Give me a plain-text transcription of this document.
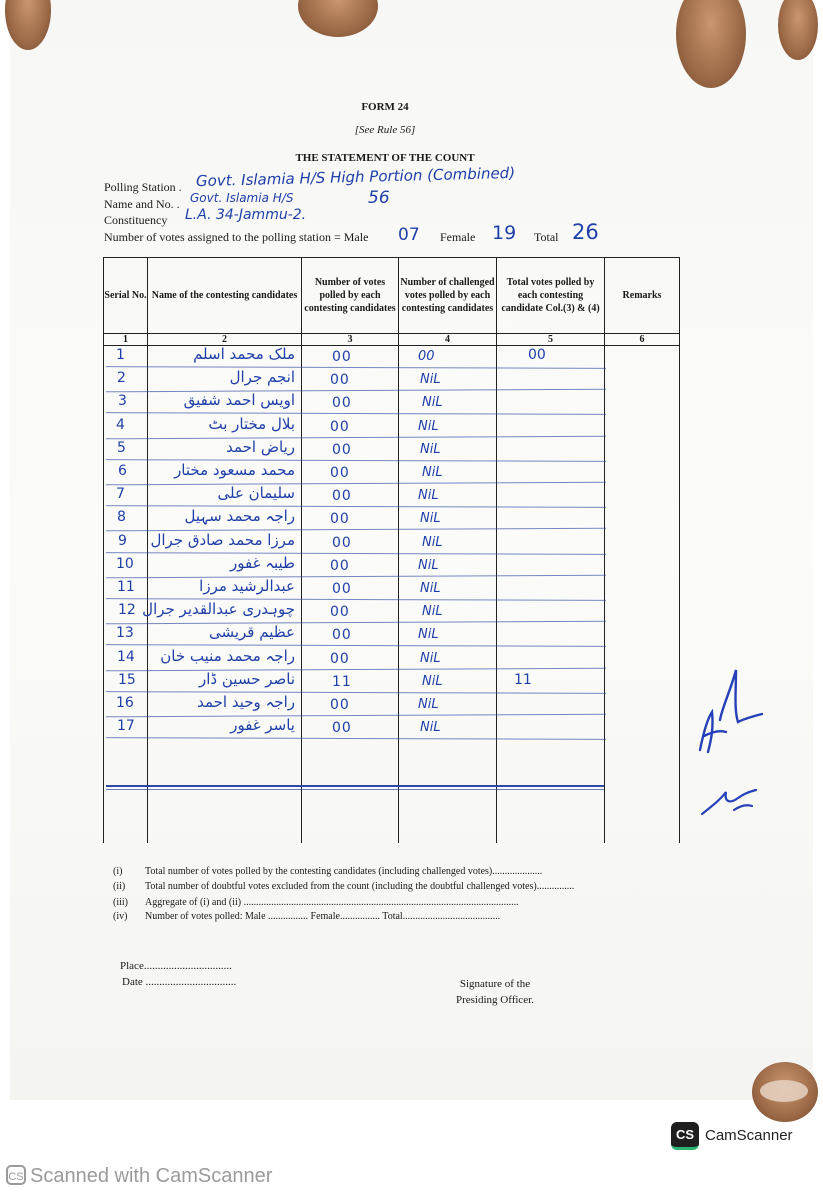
FORM 24
[See Rule 56]
THE STATEMENT OF THE COUNT
Polling Station . Govt. Islamia H/S High Portion (Combined)
Name and No. . Govt. Islamia H/S	56
Constituency L.A. 34-Jammu-2.
Number of votes assigned to the polling station = Male 07 Female 19 Total 26
Serial No.	Name of the contesting candidates	Number of votes polled by each contesting candidates	Number of challenged votes polled by each contesting candidates	Total votes polled by each contesting candidate Col.(3) & (4)	Remarks
1	2	3	4	5	6

1	ملک محمد اسلم	00	00	00
2	انجم جرال	00	NiL
3	اویس احمد شفیق	00	NiL
4	بلال مختار بٹ	00	NiL
5	ریاض احمد	00	NiL
6	محمد مسعود مختار	00	NiL
7	سلیمان علی	00	NiL
8	راجہ محمد سہیل	00	NiL
9 مرزا محمد صادق جرال	00	NiL
10	طیبہ غفور	00	NiL
11	عبدالرشید مرزا	00	NiL
12 چوہدری عبدالقدیر جرال	00	NiL
13	عظیم قریشی	00	NiL
14 راجہ محمد منیب خان	00	NiL
15	ناصر حسین ڈار	11	NiL	11
16	راجہ وحید احمد	00	NiL
17	یاسر غفور	00	NiL
(i) Total number of votes polled by the contesting candidates (including challenged votes)....................
(ii) Total number of doubtful votes excluded from the count (including the doubtful challenged votes)...............
(iii) Aggregate of (i) and (ii) ..............................................................................................................
(iv) Number of votes polled: Male ................ Female................ Total.......................................
Place................................
Date .................................	Signature of the
Presiding Officer.
CS CamScanner
CS Scanned with CamScanner
